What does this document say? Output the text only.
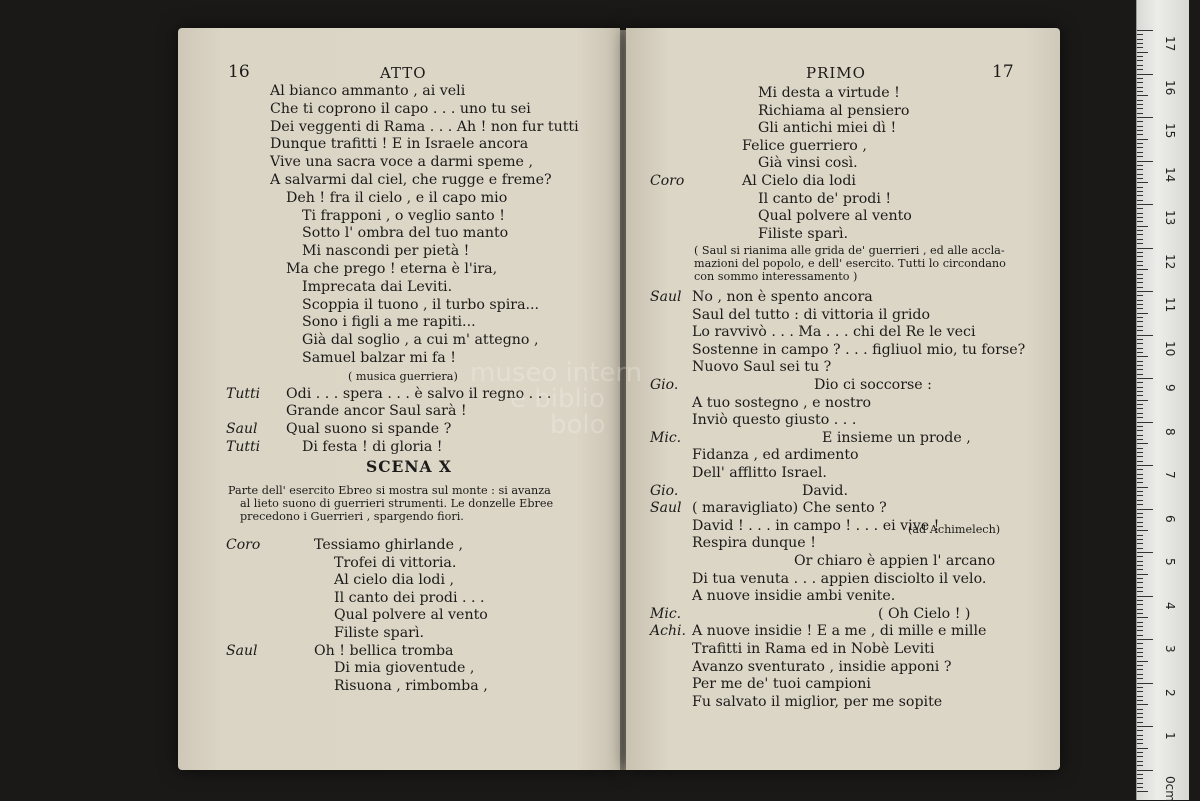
16	ATTO
Al bianco ammanto , ai veli
Che ti coprono il capo . . . uno tu sei
Dei veggenti di Rama . . . Ah ! non fur tutti
Dunque trafitti ! E in Israele ancora
Vive una sacra voce a darmi speme ,
A salvarmi dal ciel, che rugge e freme?
Deh ! fra il cielo , e il capo mio
Ti frapponi , o veglio santo !
Sotto l' ombra del tuo manto
Mi nascondi per pietà !
Ma che prego ! eterna è l'ira,
Imprecata dai Leviti.
Scoppia il tuono , il turbo spira...
Sono i figli a me rapiti...
Già dal soglio , a cui m' attegno ,
Samuel balzar mi fa !
( musica guerriera)
Tutti Odi . . . spera . . . è salvo il regno . . .
Grande ancor Saul sarà !
Saul Qual suono si spande ?
Tutti	Di festa ! di gloria !
SCENA X
Parte dell' esercito Ebreo si mostra sul monte : si avanza
al lieto suono di guerrieri strumenti. Le donzelle Ebree
precedono i Guerrieri , spargendo fiori.
Coro	Tessiamo ghirlande ,
Trofei di vittoria.
Al cielo dia lodi ,
Il canto dei prodi . . .
Qual polvere al vento
Filiste sparì.
Saul	Oh ! bellica tromba
Di mia gioventude ,
Risuona , rimbomba ,
PRIMO	17
Mi desta a virtude !
Richiama al pensiero
Gli antichi miei dì !
Felice guerriero ,
Già vinsi così.
Coro	Al Cielo dia lodi
Il canto de' prodi !
Qual polvere al vento
Filiste sparì.
( Saul si rianima alle grida de' guerrieri , ed alle accla-
mazioni del popolo, e dell' esercito. Tutti lo circondano
con sommo interessamento )
Saul No , non è spento ancora
Saul del tutto : di vittoria il grido
Lo ravvivò . . . Ma . . . chi del Re le veci
Sostenne in campo ? . . . figliuol mio, tu forse?
Nuovo Saul sei tu ?
Gio.	Dio ci soccorse :
A tuo sostegno , e nostro
Inviò questo giusto . . .
Mic.	E insieme un prode ,
Fidanza , ed ardimento
Dell' afflitto Israel.
Gio.	David.
Saul ( maravigliato) Che sento ?
David ! . . . in campo ! . . . ei vive !
Respira dunque !
Or chiaro è appien l' arcano
Di tua venuta . . . appien disciolto il velo.
A nuove insidie ambi venite.
Mic.	( Oh Cielo ! )
Achi. A nuove insidie ! E a me , di mille e mille
Trafitti in Rama ed in Nobè Leviti
Avanzo sventurato , insidie apponi ?
Per me de' tuoi campioni
Fu salvato il miglior, per me sopite
(ad Achimelech)
museo intern
e biblio
bolo
17
16
15
14
13
12
11
10
9
8
7
6
5
4
3
2
1
0cm
